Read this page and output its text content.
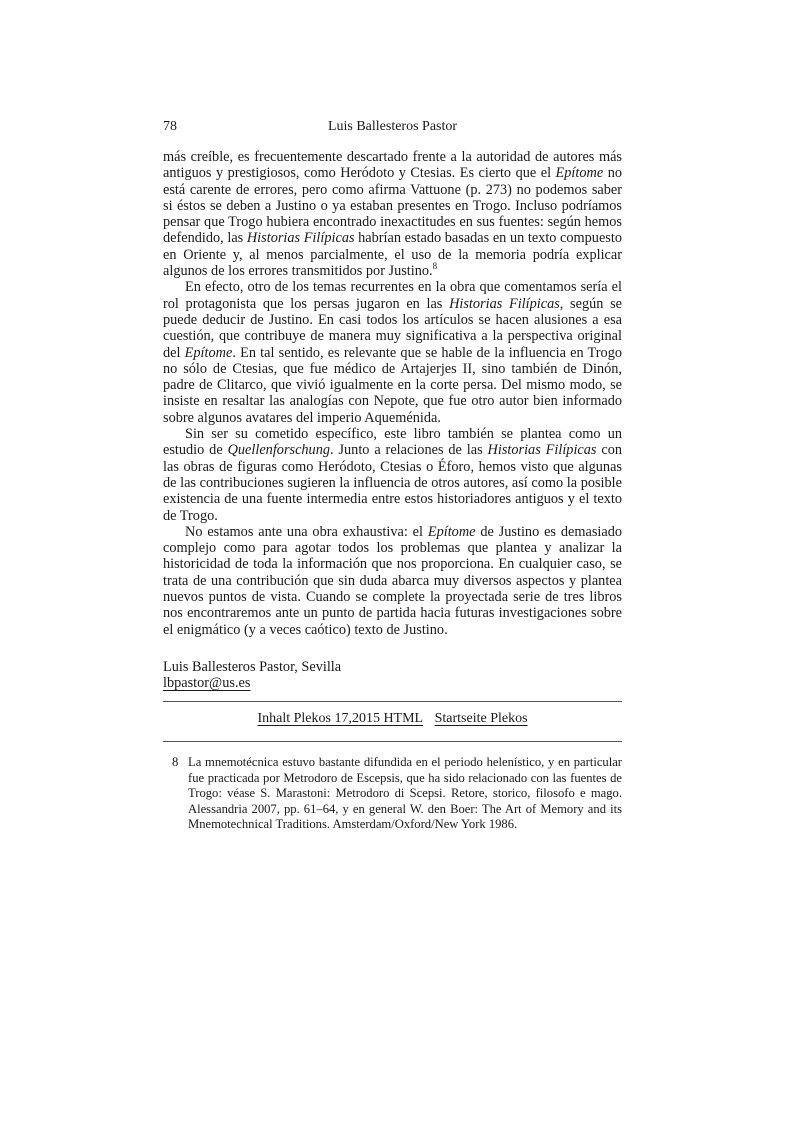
78	Luis Ballesteros Pastor

más creíble, es frecuentemente descartado frente a la autoridad de autores más antiguos y prestigiosos, como Heródoto y Ctesias. Es cierto que el Epítome no está carente de errores, pero como afirma Vattuone (p. 273) no podemos saber si éstos se deben a Justino o ya estaban presentes en Trogo. Incluso podríamos pensar que Trogo hubiera encontrado inexactitudes en sus fuentes: según hemos defendido, las Historias Filípicas habrían estado basadas en un texto compuesto en Oriente y, al menos parcialmente, el uso de la memoria podría explicar algunos de los errores transmitidos por Justino.$^8$

En efecto, otro de los temas recurrentes en la obra que comentamos sería el rol protagonista que los persas jugaron en las Historias Filípicas, según se puede deducir de Justino. En casi todos los artículos se hacen alusiones a esa cuestión, que contribuye de manera muy significativa a la perspectiva original del Epítome. En tal sentido, es relevante que se hable de la influencia en Trogo no sólo de Ctesias, que fue médico de Artajerjes II, sino también de Dinón, padre de Clitarco, que vivió igualmente en la corte persa. Del mismo modo, se insiste en resaltar las analogías con Nepote, que fue otro autor bien informado sobre algunos avatares del imperio Aqueménida.

Sin ser su cometido específico, este libro también se plantea como un estudio de Quellenforschung. Junto a relaciones de las Historias Filípicas con las obras de figuras como Heródoto, Ctesias o Éforo, hemos visto que algunas de las contribuciones sugieren la influencia de otros autores, así como la posible existencia de una fuente intermedia entre estos historiadores antiguos y el texto de Trogo.

No estamos ante una obra exhaustiva: el Epítome de Justino es demasiado complejo como para agotar todos los problemas que plantea y analizar la historicidad de toda la información que nos proporciona. En cualquier caso, se trata de una contribución que sin duda abarca muy diversos aspectos y plantea nuevos puntos de vista. Cuando se complete la proyectada serie de tres libros nos encontraremos ante un punto de partida hacia futuras investigaciones sobre el enigmático (y a veces caótico) texto de Justino.

Luis Ballesteros Pastor, Sevilla
lbpastor@us.es
Inhalt Plekos 17,2015 HTML Startseite Plekos
8 La mnemotécnica estuvo bastante difundida en el periodo helenístico, y en particular fue practicada por Metrodoro de Escepsis, que ha sido relacionado con las fuentes de Trogo: véase S. Marastoni: Metrodoro di Scepsi. Retore, storico, filosofo e mago. Alessandria 2007, pp. 61–64, y en general W. den Boer: The Art of Memory and its Mnemotechnical Traditions. Amsterdam/Oxford/New York 1986.
